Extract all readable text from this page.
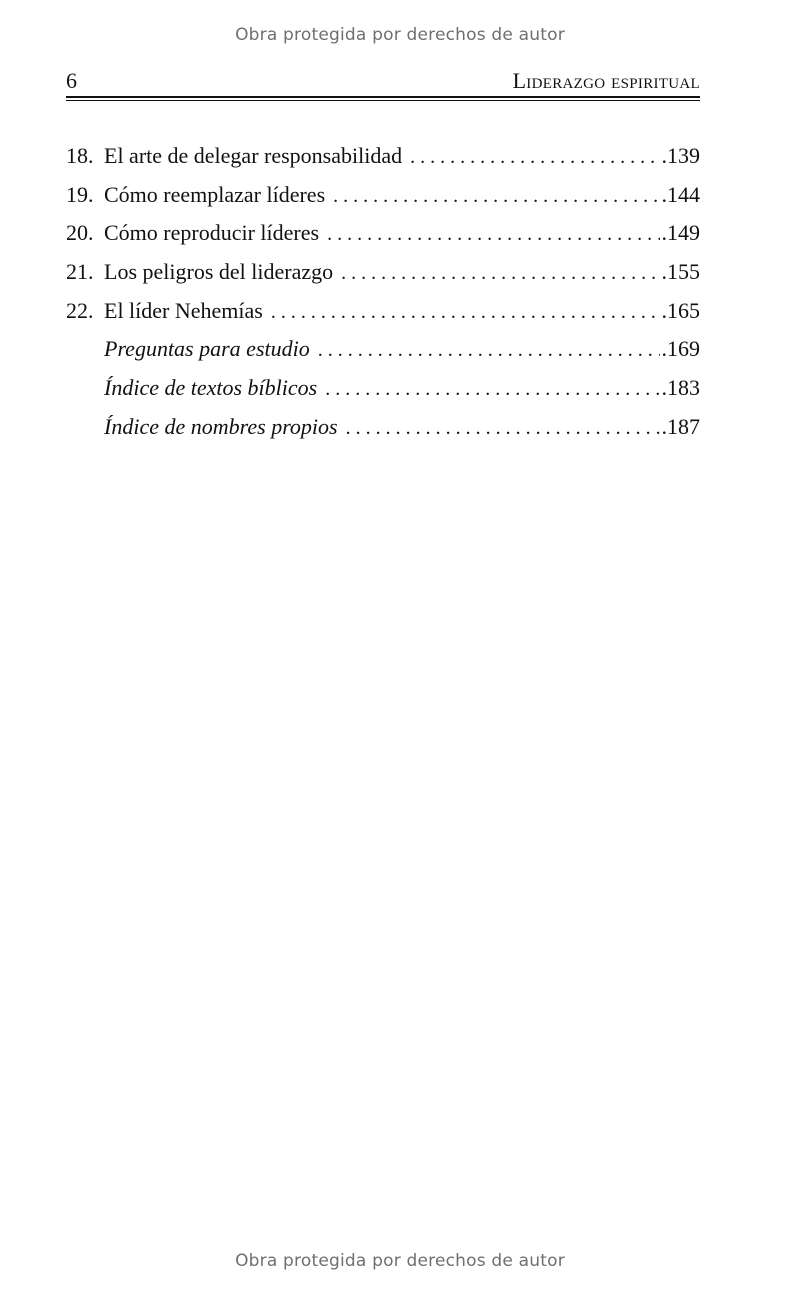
Obra protegida por derechos de autor
6	Liderazgo espiritual
18. El arte de delegar responsabilidad . . .	.139
19. Cómo reemplazar líderes . . .	.144
20. Cómo reproducir líderes . . .	.149
21. Los peligros del liderazgo . . .	.155
22. El líder Nehemías . . .	.165
Preguntas para estudio . . .	.169
Índice de textos bíblicos . . .	.183
Índice de nombres propios . . .	.187
Obra protegida por derechos de autor
